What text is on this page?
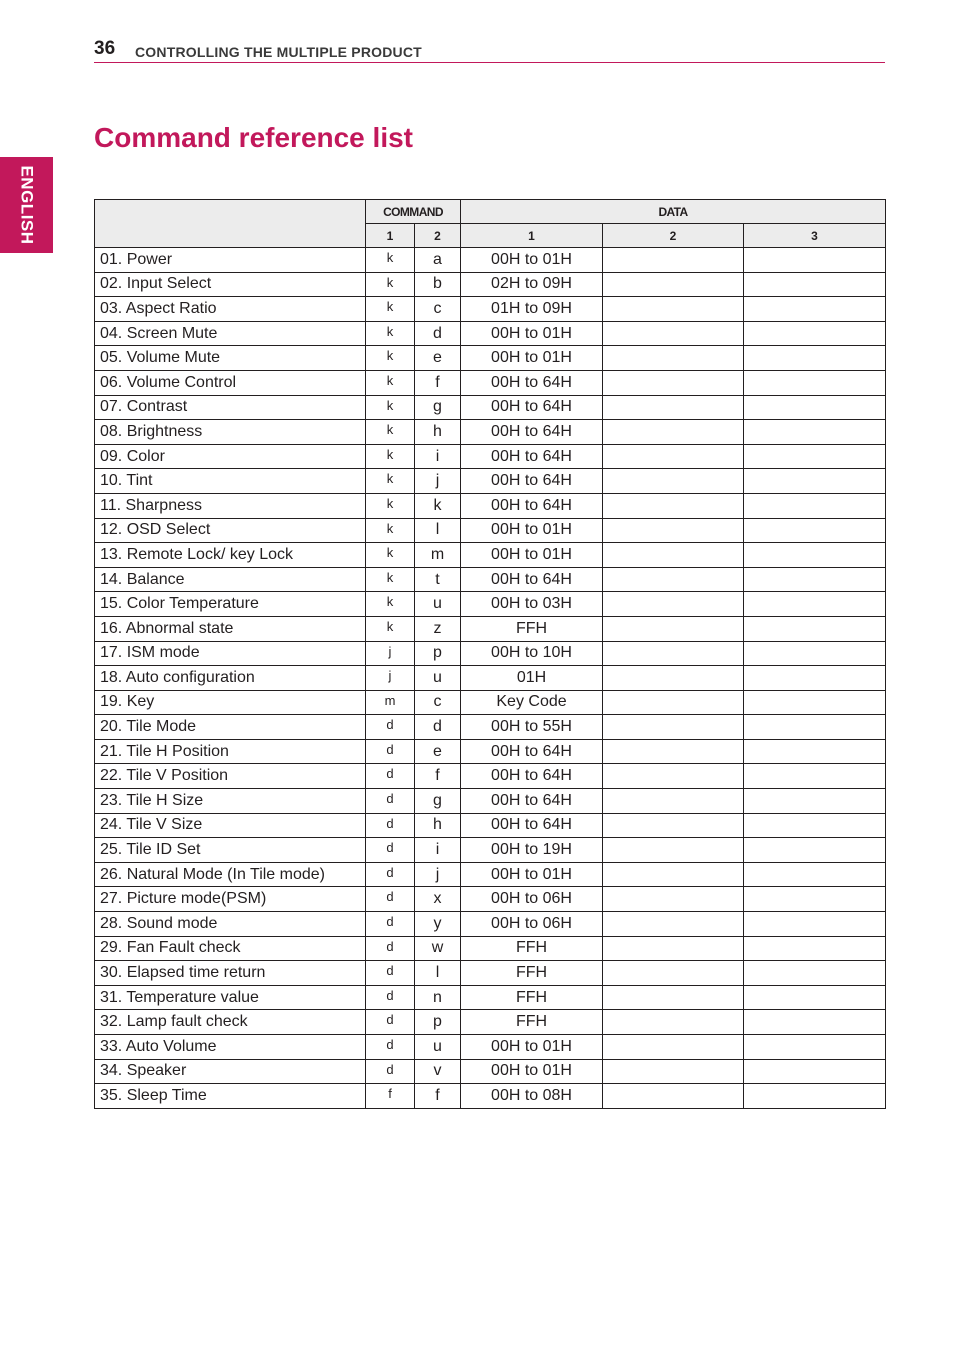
36 CONTROLLING THE MULTIPLE PRODUCT
ENGLISH
Command reference list
	COMMAND		DATA		
	1	2	1	2	3
01. Power	k	a	00H to 01H		
02. Input Select	k	b	02H to 09H		
03. Aspect Ratio	k	c	01H to 09H		
04. Screen Mute	k	d	00H to 01H		
05. Volume Mute	k	e	00H to 01H		
06. Volume Control	k	f	00H to 64H		
07. Contrast	k	g	00H to 64H		
08. Brightness	k	h	00H to 64H		
09. Color	k	i	00H to 64H		
10. Tint	k	j	00H to 64H		
11. Sharpness	k	k	00H to 64H		
12. OSD Select	k	l	00H to 01H		
13. Remote Lock/ key Lock	k	m	00H to 01H		
14. Balance	k	t	00H to 64H		
15. Color Temperature	k	u	00H to 03H		
16. Abnormal state	k	z	FFH		
17. ISM mode	j	p	00H to 10H		
18. Auto configuration	j	u	01H		
19. Key	m	c	Key Code		
20. Tile Mode	d	d	00H to 55H		
21. Tile H Position	d	e	00H to 64H		
22. Tile V Position	d	f	00H to 64H		
23. Tile H Size	d	g	00H to 64H		
24. Tile V Size	d	h	00H to 64H		
25. Tile ID Set	d	i	00H to 19H		
26. Natural Mode (In Tile mode)	d	j	00H to 01H		
27. Picture mode(PSM)	d	x	00H to 06H		
28. Sound mode	d	y	00H to 06H		
29. Fan Fault check	d	w	FFH		
30. Elapsed time return	d	l	FFH		
31. Temperature value	d	n	FFH		
32. Lamp fault check	d	p	FFH		
33. Auto Volume	d	u	00H to 01H		
34. Speaker	d	v	00H to 01H		
35. Sleep Time	f	f	00H to 08H		
